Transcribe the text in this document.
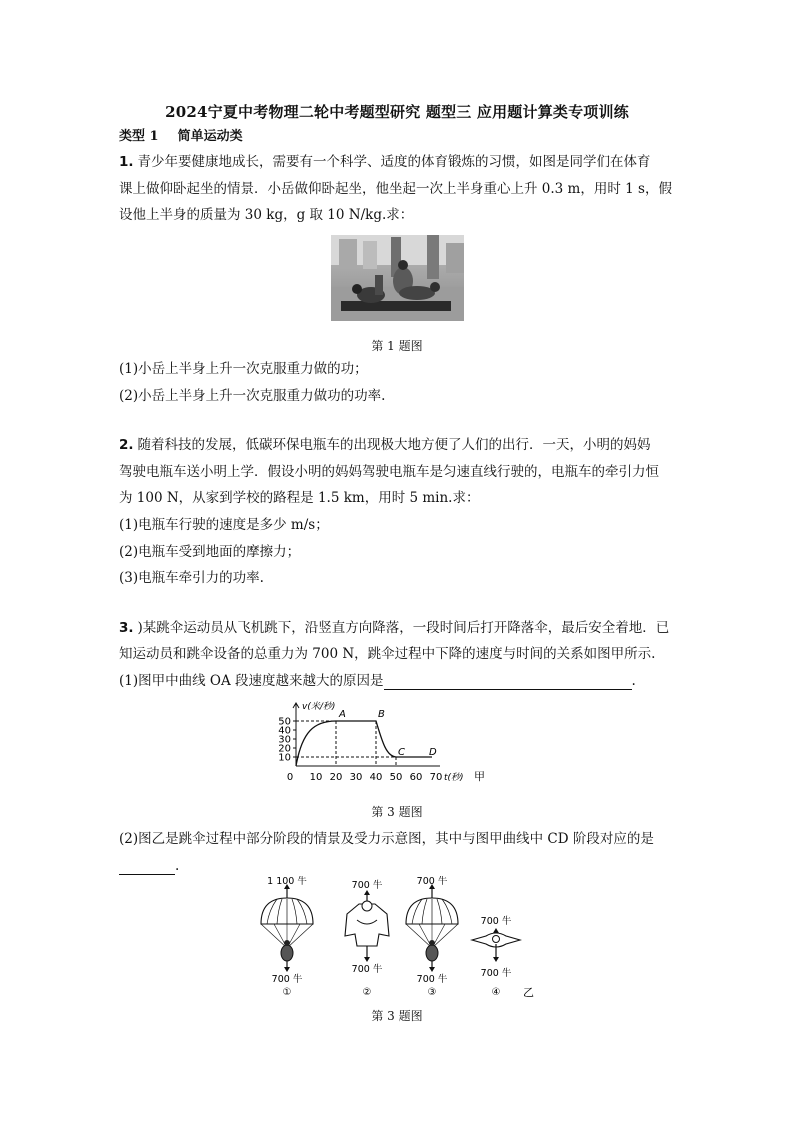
2024宁夏中考物理二轮中考题型研究 题型三 应用题计算类专项训练
类型 1 简单运动类
1. 青少年要健康地成长，需要有一个科学、适度的体育锻炼的习惯，如图是同学们在体育
课上做仰卧起坐的情景．小岳做仰卧起坐，他坐起一次上半身重心上升 0.3 m，用时 1 s，假
设他上半身的质量为 30 kg，g 取 10 N/kg.求：
第 1 题图
(1)小岳上半身上升一次克服重力做的功；
(2)小岳上半身上升一次克服重力做功的功率.
2. 随着科技的发展，低碳环保电瓶车的出现极大地方便了人们的出行．一天，小明的妈妈
驾驶电瓶车送小明上学．假设小明的妈妈驾驶电瓶车是匀速直线行驶的，电瓶车的牵引力恒
为 100 N，从家到学校的路程是 1.5 km，用时 5 min.求：
(1)电瓶车行驶的速度是多少 m/s；
(2)电瓶车受到地面的摩擦力；
(3)电瓶车牵引力的功率.
3. )某跳伞运动员从飞机跳下，沿竖直方向降落，一段时间后打开降落伞，最后安全着地．已
知运动员和跳伞设备的总重力为 700 N，跳伞过程中下降的速度与时间的关系如图甲所示.
(1)图甲中曲线 OA 段速度越来越大的原因是	.
v(米/秒)
10
20
30
40
50
10 20 30 40 50 60 70
0	t(秒) 甲
A	B
C D
第 3 题图
(2)图乙是跳伞过程中部分阶段的情景及受力示意图，其中与图甲曲线中 CD 阶段对应的是
.
1 100 牛
700 牛
①
700 牛
700 牛
②
700 牛
700 牛
③
700 牛
700 牛
④ 乙
第 3 题图
